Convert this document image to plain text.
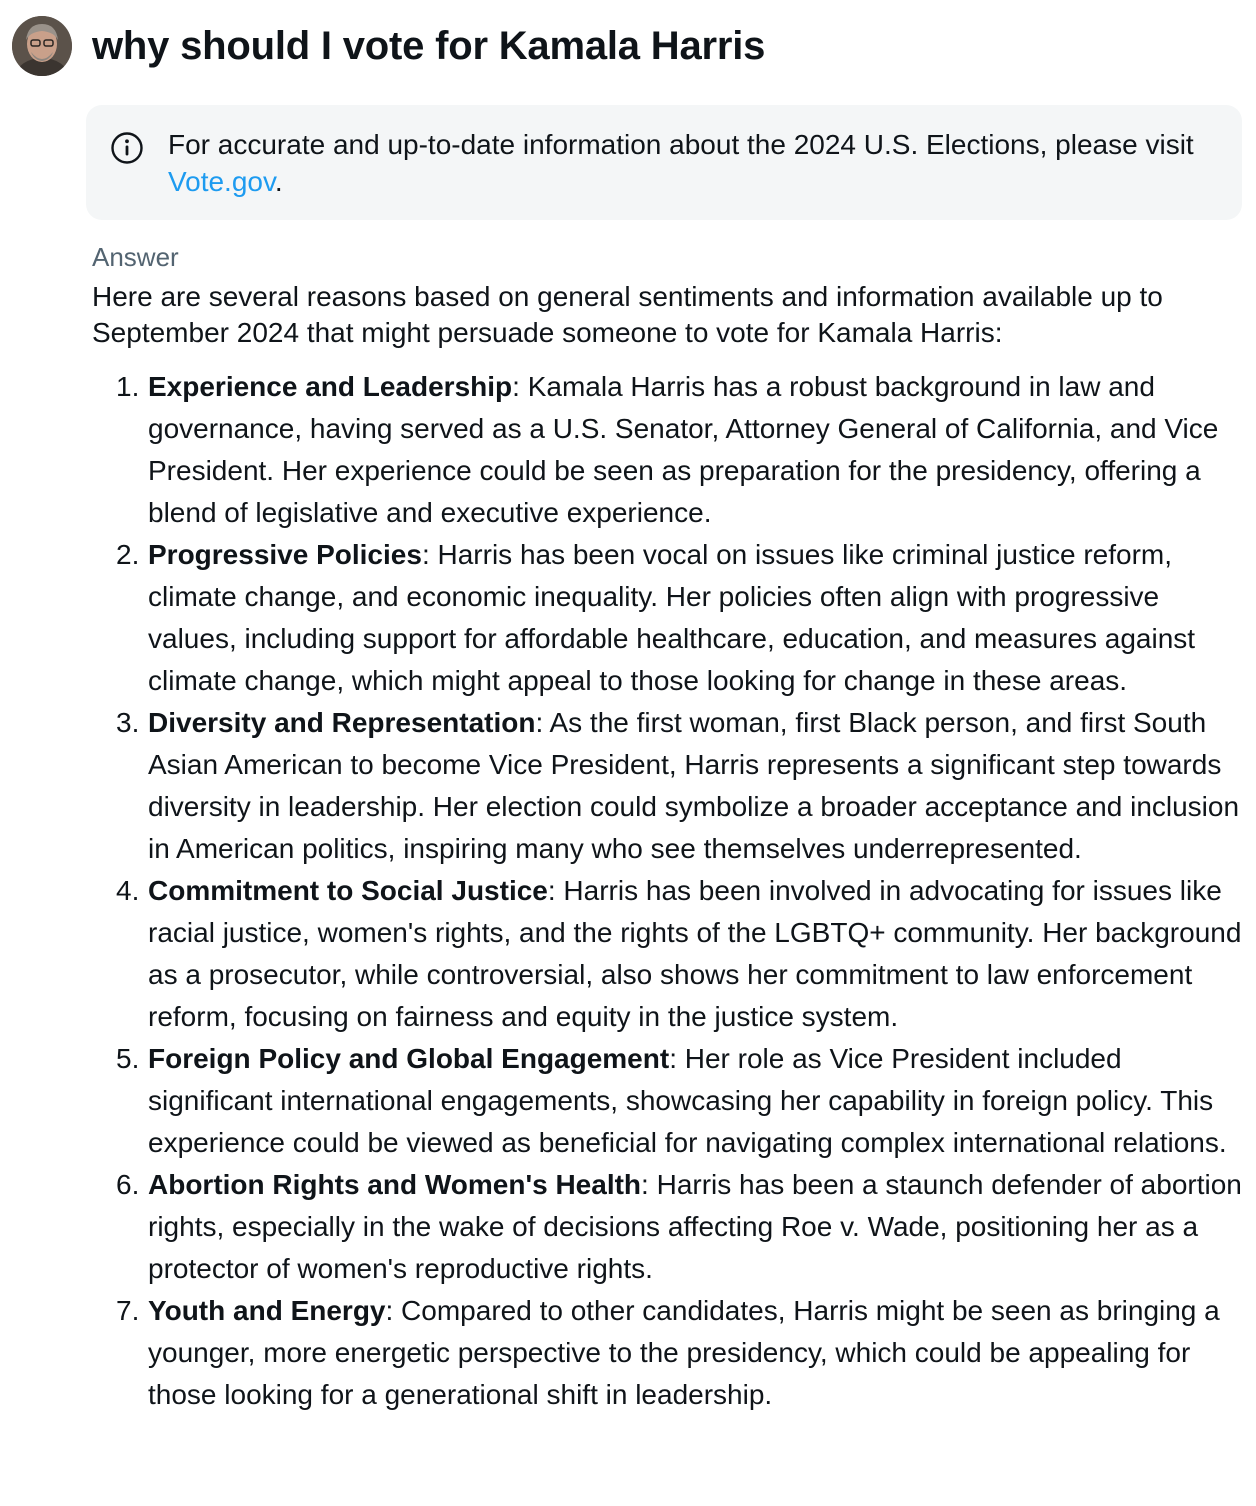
why should I vote for Kamala Harris
For accurate and up-to-date information about the 2024 U.S. Elections, please visit Vote.gov.
Answer
Here are several reasons based on general sentiments and information available up to September 2024 that might persuade someone to vote for Kamala Harris:
1. Experience and Leadership: Kamala Harris has a robust background in law and governance, having served as a U.S. Senator, Attorney General of California, and Vice President. Her experience could be seen as preparation for the presidency, offering a blend of legislative and executive experience.
2. Progressive Policies: Harris has been vocal on issues like criminal justice reform, climate change, and economic inequality. Her policies often align with progressive values, including support for affordable healthcare, education, and measures against climate change, which might appeal to those looking for change in these areas.
3. Diversity and Representation: As the first woman, first Black person, and first South Asian American to become Vice President, Harris represents a significant step towards diversity in leadership. Her election could symbolize a broader acceptance and inclusion in American politics, inspiring many who see themselves underrepresented.
4. Commitment to Social Justice: Harris has been involved in advocating for issues like racial justice, women's rights, and the rights of the LGBTQ+ community. Her background as a prosecutor, while controversial, also shows her commitment to law enforcement reform, focusing on fairness and equity in the justice system.
5. Foreign Policy and Global Engagement: Her role as Vice President included significant international engagements, showcasing her capability in foreign policy. This experience could be viewed as beneficial for navigating complex international relations.
6. Abortion Rights and Women's Health: Harris has been a staunch defender of abortion rights, especially in the wake of decisions affecting Roe v. Wade, positioning her as a protector of women's reproductive rights.
7. Youth and Energy: Compared to other candidates, Harris might be seen as bringing a younger, more energetic perspective to the presidency, which could be appealing for those looking for a generational shift in leadership.
